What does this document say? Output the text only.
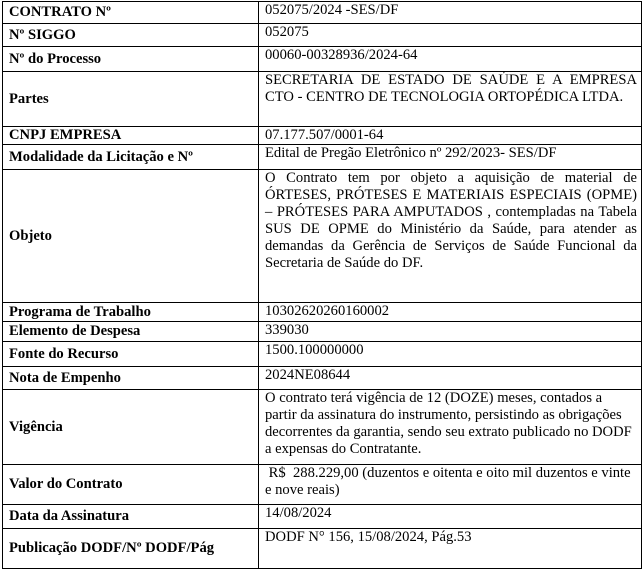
CONTRATO Nº	052075/2024 -SES/DF
Nº SIGGO	052075
Nº do Processo	00060-00328936/2024-64
Partes	SECRETARIA DE ESTADO DE SAÚDE E A EMPRESA CTO - CENTRO DE TECNOLOGIA ORTOPÉDICA LTDA.
CNPJ EMPRESA	07.177.507/0001-64
Modalidade da Licitação e Nº	Edital de Pregão Eletrônico nº 292/2023- SES/DF
Objeto	O Contrato tem por objeto a aquisição de material de ÓRTESES, PRÓTESES E MATERIAIS ESPECIAIS (OPME) – PRÓTESES PARA AMPUTADOS , contempladas na Tabela SUS DE OPME do Ministério da Saúde, para atender as demandas da Gerência de Serviços de Saúde Funcional da Secretaria de Saúde do DF.
Programa de Trabalho	10302620260160002
Elemento de Despesa	339030
Fonte do Recurso	1500.100000000
Nota de Empenho	2024NE08644
Vigência	O contrato terá vigência de 12 (DOZE) meses, contados a partir da assinatura do instrumento, persistindo as obrigações decorrentes da garantia, sendo seu extrato publicado no DODF a expensas do Contratante.
Valor do Contrato	R$  288.229,00 (duzentos e oitenta e oito mil duzentos e vinte e nove reais)
Data da Assinatura	14/08/2024
Publicação DODF/Nº DODF/Pág	DODF N° 156, 15/08/2024, Pág.53
